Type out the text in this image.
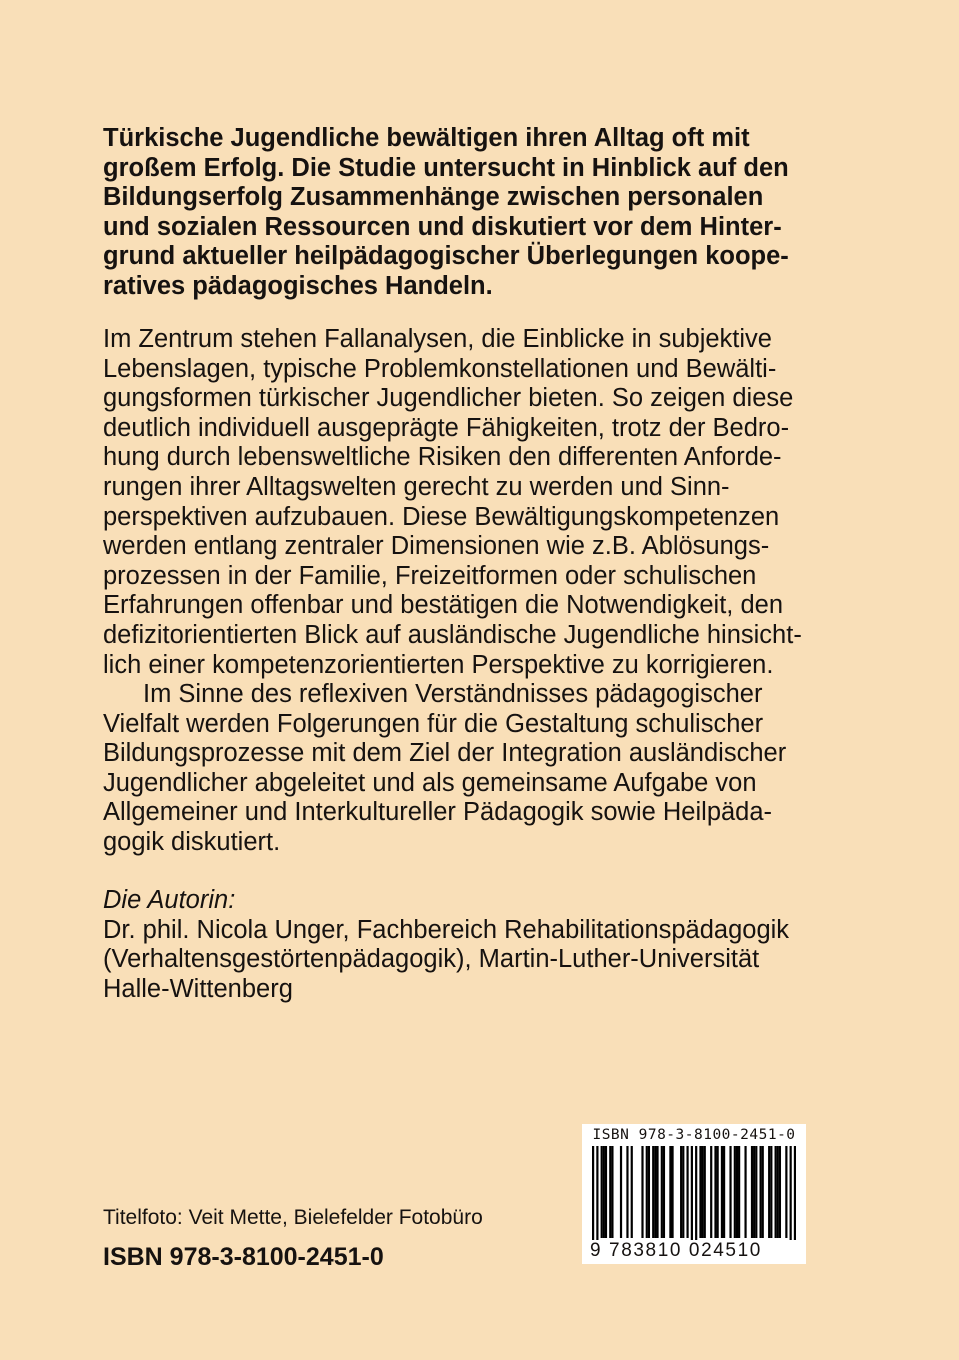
Türkische Jugendliche bewältigen ihren Alltag oft mit
großem Erfolg. Die Studie untersucht in Hinblick auf den
Bildungserfolg Zusammenhänge zwischen personalen
und sozialen Ressourcen und diskutiert vor dem Hinter-
grund aktueller heilpädagogischer Überlegungen koope-
ratives pädagogisches Handeln.
Im Zentrum stehen Fallanalysen, die Einblicke in subjektive
Lebenslagen, typische Problemkonstellationen und Bewälti-
gungsformen türkischer Jugendlicher bieten. So zeigen diese
deutlich individuell ausgeprägte Fähigkeiten, trotz der Bedro-
hung durch lebensweltliche Risiken den differenten Anforde-
rungen ihrer Alltagswelten gerecht zu werden und Sinn-
perspektiven aufzubauen. Diese Bewältigungskompetenzen
werden entlang zentraler Dimensionen wie z.B. Ablösungs-
prozessen in der Familie, Freizeitformen oder schulischen
Erfahrungen offenbar und bestätigen die Notwendigkeit, den
defizitorientierten Blick auf ausländische Jugendliche hinsicht-
lich einer kompetenzorientierten Perspektive zu korrigieren.
Im Sinne des reflexiven Verständnisses pädagogischer
Vielfalt werden Folgerungen für die Gestaltung schulischer
Bildungsprozesse mit dem Ziel der Integration ausländischer
Jugendlicher abgeleitet und als gemeinsame Aufgabe von
Allgemeiner und Interkultureller Pädagogik sowie Heilpäda-
gogik diskutiert.
Die Autorin:
Dr. phil. Nicola Unger, Fachbereich Rehabilitationspädagogik
(Verhaltensgestörtenpädagogik), Martin-Luther-Universität
Halle-Wittenberg
Titelfoto: Veit Mette, Bielefelder Fotobüro
ISBN 978-3-8100-2451-0
ISBN 978-3-8100-2451-0
9 783810 024510
